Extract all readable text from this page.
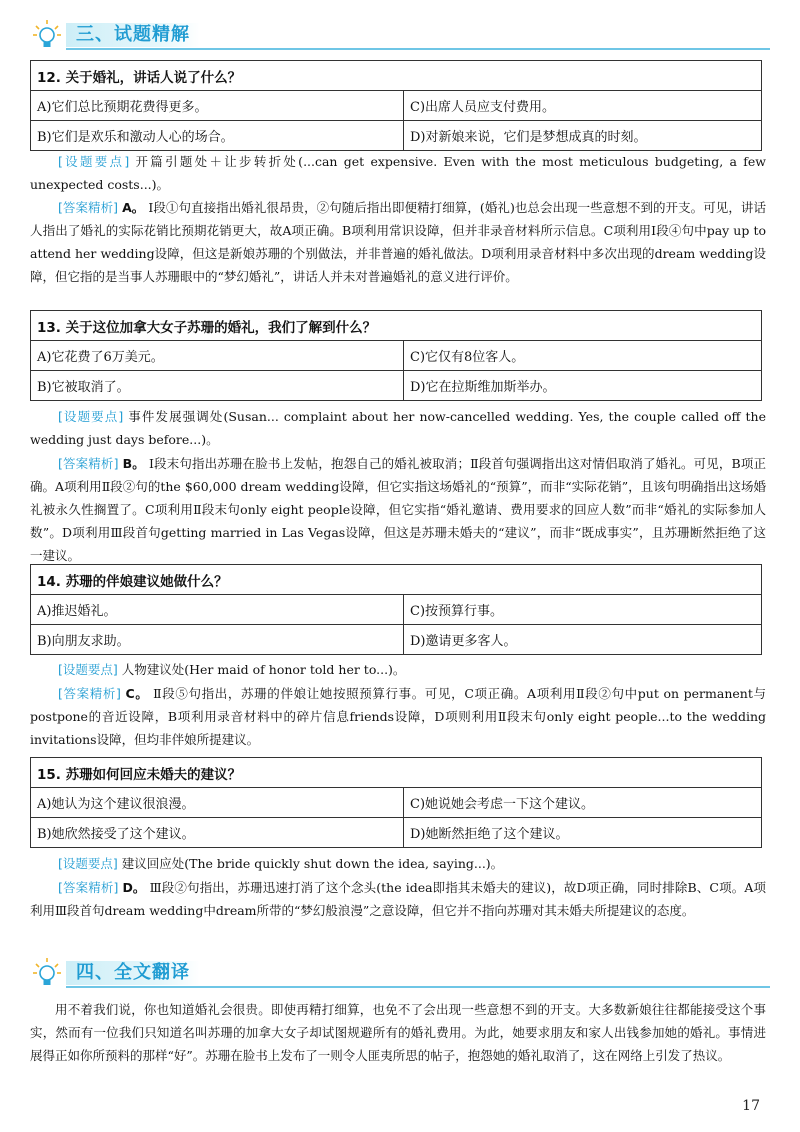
三、试题精解
12. 关于婚礼，讲话人说了什么？	
A)它们总比预期花费得更多。	C)出席人员应支付费用。
B)它们是欢乐和激动人心的场合。	D)对新娘来说，它们是梦想成真的时刻。
[设题要点] 开篇引题处＋让步转折处(...can get expensive. Even with the most meticulous budgeting, a few unexpected costs...)。
[答案精析] A。 Ⅰ段①句直接指出婚礼很昂贵，②句随后指出即便精打细算，(婚礼)也总会出现一些意想不到的开支。可见，讲话人指出了婚礼的实际花销比预期花销更大，故A项正确。B项利用常识设障，但并非录音材料所示信息。C项利用Ⅰ段④句中pay up to attend her wedding设障，但这是新娘苏珊的个别做法，并非普遍的婚礼做法。D项利用录音材料中多次出现的dream wedding设障，但它指的是当事人苏珊眼中的“梦幻婚礼”，讲话人并未对普遍婚礼的意义进行评价。
13. 关于这位加拿大女子苏珊的婚礼，我们了解到什么？	
A)它花费了6万美元。	C)它仅有8位客人。
B)它被取消了。	D)它在拉斯维加斯举办。
[设题要点] 事件发展强调处(Susan... complaint about her now-cancelled wedding. Yes, the couple called off the wedding just days before...)。
[答案精析] B。 Ⅰ段末句指出苏珊在脸书上发帖，抱怨自己的婚礼被取消；Ⅱ段首句强调指出这对情侣取消了婚礼。可见，B项正确。A项利用Ⅱ段②句的the $60,000 dream wedding设障，但它实指这场婚礼的“预算”，而非“实际花销”，且该句明确指出这场婚礼被永久性搁置了。C项利用Ⅱ段末句only eight people设障，但它实指“婚礼邀请、费用要求的回应人数”而非“婚礼的实际参加人数”。D项利用Ⅲ段首句getting married in Las Vegas设障，但这是苏珊未婚夫的“建议”，而非“既成事实”，且苏珊断然拒绝了这一建议。
14. 苏珊的伴娘建议她做什么？	
A)推迟婚礼。	C)按预算行事。
B)向朋友求助。	D)邀请更多客人。
[设题要点] 人物建议处(Her maid of honor told her to...)。
[答案精析] C。 Ⅱ段⑤句指出，苏珊的伴娘让她按照预算行事。可见，C项正确。A项利用Ⅱ段②句中put on permanent与postpone的音近设障，B项利用录音材料中的碎片信息friends设障，D项则利用Ⅱ段末句only eight people...to the wedding invitations设障，但均非伴娘所提建议。
15. 苏珊如何回应未婚夫的建议？	
A)她认为这个建议很浪漫。	C)她说她会考虑一下这个建议。
B)她欣然接受了这个建议。	D)她断然拒绝了这个建议。
[设题要点] 建议回应处(The bride quickly shut down the idea, saying...)。
[答案精析] D。 Ⅲ段②句指出，苏珊迅速打消了这个念头(the idea即指其未婚夫的建议)，故D项正确，同时排除B、C项。A项利用Ⅲ段首句dream wedding中dream所带的“梦幻般浪漫”之意设障，但它并不指向苏珊对其未婚夫所提建议的态度。
四、全文翻译
用不着我们说，你也知道婚礼会很贵。即使再精打细算，也免不了会出现一些意想不到的开支。大多数新娘往往都能接受这个事实，然而有一位我们只知道名叫苏珊的加拿大女子却试图规避所有的婚礼费用。为此，她要求朋友和家人出钱参加她的婚礼。事情进展得正如你所预料的那样“好”。苏珊在脸书上发布了一则令人匪夷所思的帖子，抱怨她的婚礼取消了，这在网络上引发了热议。
17
